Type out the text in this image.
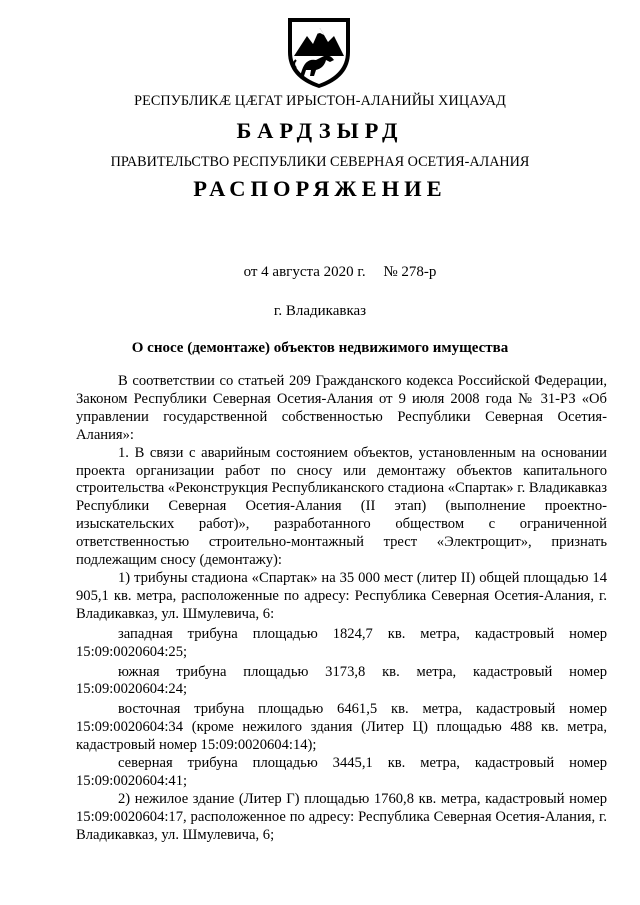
РЕСПУБЛИКӔ ЦӔГАТ ИРЫСТОН-АЛАНИЙЫ ХИЦАУАД
БАРДЗЫРД
ПРАВИТЕЛЬСТВО РЕСПУБЛИКИ СЕВЕРНАЯ ОСЕТИЯ-АЛАНИЯ
РАСПОРЯЖЕНИЕ
от 4 августа 2020 г. № 278-р
г. Владикавказ
О сносе (демонтаже) объектов недвижимого имущества

В соответствии со статьей 209 Гражданского кодекса Российской Федерации, Законом Республики Северная Осетия-Алания от 9 июля 2008 года № 31-РЗ «Об управлении государственной собственностью Республики Северная Осетия-Алания»:

1. В связи с аварийным состоянием объектов, установленным на основании проекта организации работ по сносу или демонтажу объектов капитального строительства «Реконструкция Республиканского стадиона «Спартак» г. Владикавказ Республики Северная Осетия-Алания (II этап) (выполнение проектно-изыскательских работ)», разработанного обществом с ограниченной ответственностью строительно-монтажный трест «Электрощит», признать подлежащим сносу (демонтажу):

1) трибуны стадиона «Спартак» на 35 000 мест (литер II) общей площадью 14 905,1 кв. метра, расположенные по адресу: Республика Северная Осетия-Алания, г. Владикавказ, ул. Шмулевича, 6:

западная трибуна площадью 1824,7 кв. метра, кадастровый номер 15:09:0020604:25;

южная трибуна площадью 3173,8 кв. метра, кадастровый номер 15:09:0020604:24;

восточная трибуна площадью 6461,5 кв. метра, кадастровый номер 15:09:0020604:34 (кроме нежилого здания (Литер Ц) площадью 488 кв. метра, кадастровый номер 15:09:0020604:14);

северная трибуна площадью 3445,1 кв. метра, кадастровый номер 15:09:0020604:41;

2) нежилое здание (Литер Г) площадью 1760,8 кв. метра, кадастровый номер 15:09:0020604:17, расположенное по адресу: Республика Северная Осетия-Алания, г. Владикавказ, ул. Шмулевича, 6;
